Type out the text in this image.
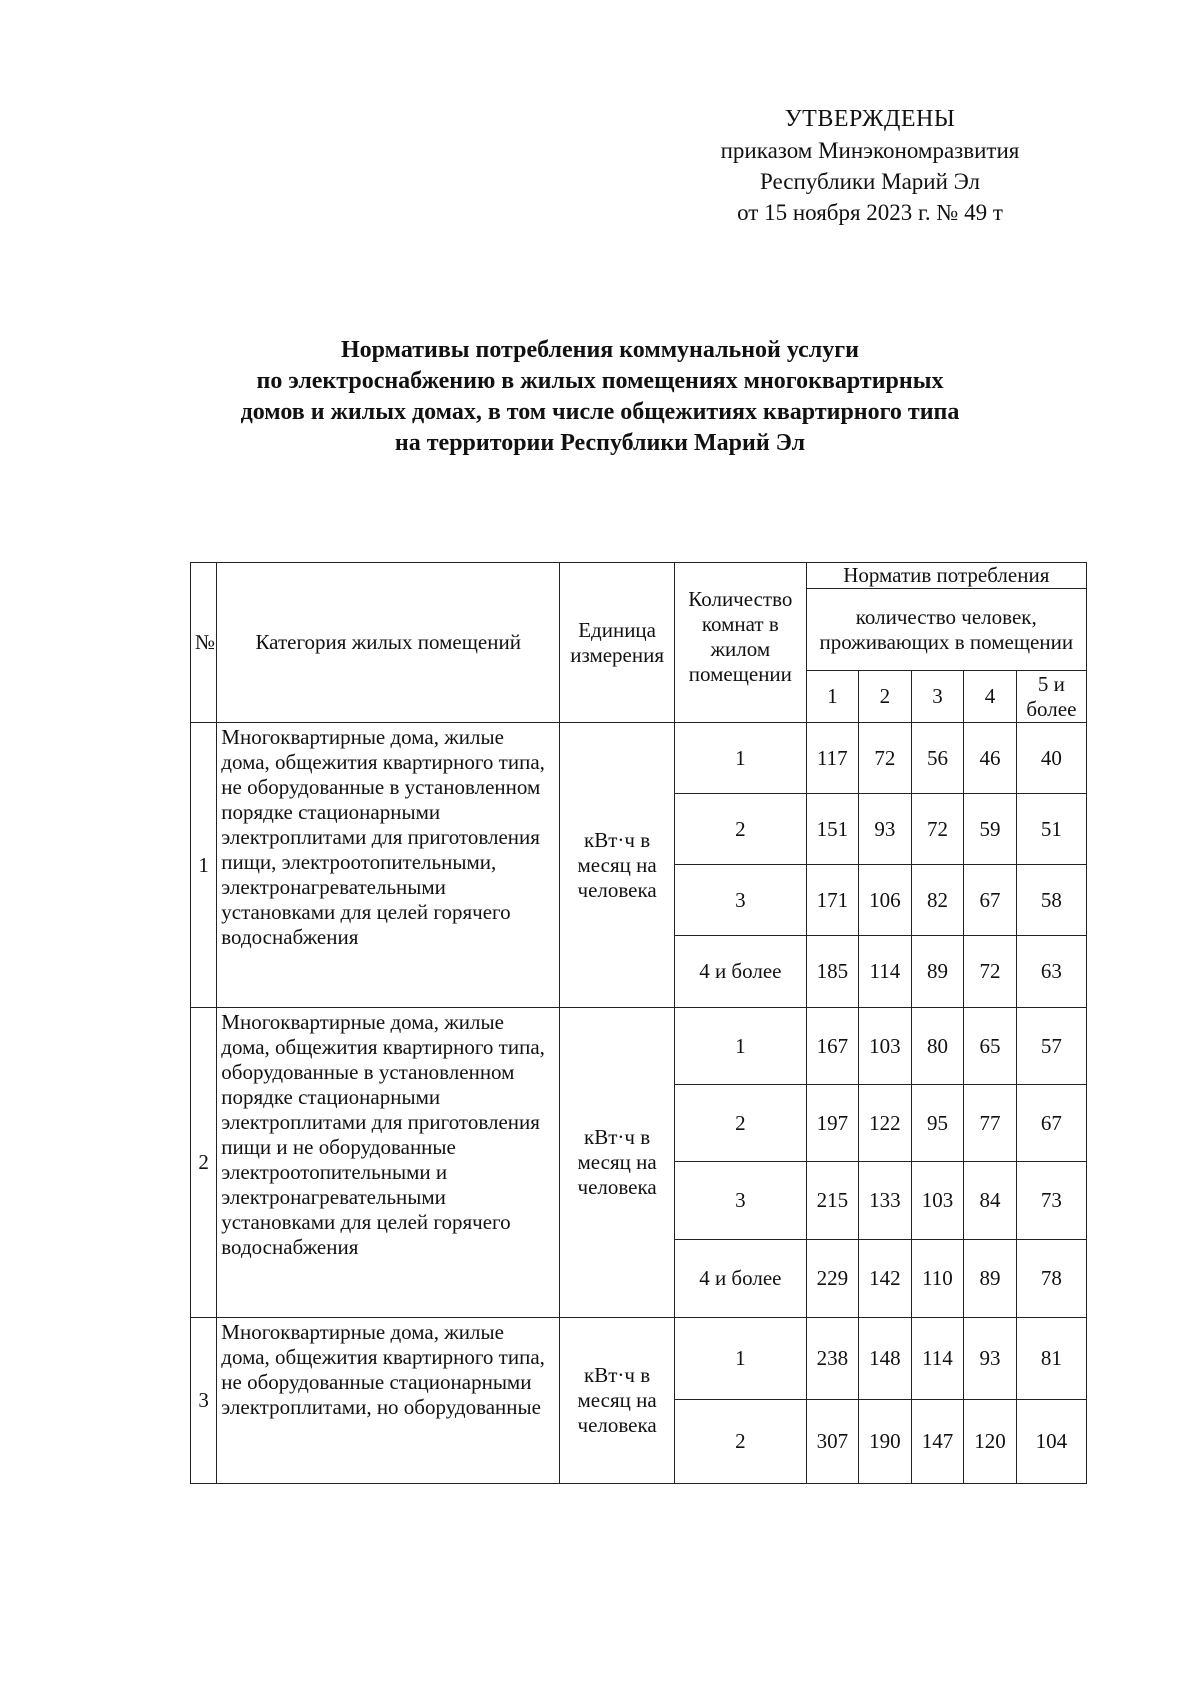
УТВЕРЖДЕНЫ
приказом Минэкономразвития
Республики Марий Эл
от 15 ноября 2023 г. № 49 т
Нормативы потребления коммунальной услуги
по электроснабжению в жилых помещениях многоквартирных
домов и жилых домах, в том числе общежитиях квартирного типа
на территории Республики Марий Эл
№	Категория жилых помещений	Единица измерения	Количество комнат в жилом помещении	Норматив потребления				
				количество человек, проживающих в помещении				
				1	2	3	4	5 и более
1	Многоквартирные дома, жилые дома, общежития квартирного типа, не оборудованные в установленном порядке стационарными электроплитами для приготовления пищи, электроотопительными, электронагревательными установками для целей горячего водоснабжения	кВт·ч в месяц на человека	1	117	72	56	46	40
			2	151	93	72	59	51
			3	171	106	82	67	58
			4 и более	185	114	89	72	63
2	Многоквартирные дома, жилые дома, общежития квартирного типа, оборудованные в установленном порядке стационарными электроплитами для приготовления пищи и не оборудованные электроотопительными и электронагревательными установками для целей горячего водоснабжения	кВт·ч в месяц на человека	1	167	103	80	65	57
			2	197	122	95	77	67
			3	215	133	103	84	73
			4 и более	229	142	110	89	78
3	Многоквартирные дома, жилые дома, общежития квартирного типа, не оборудованные стационарными электроплитами, но оборудованные	кВт·ч в месяц на человека	1	238	148	114	93	81
			2	307	190	147	120	104
